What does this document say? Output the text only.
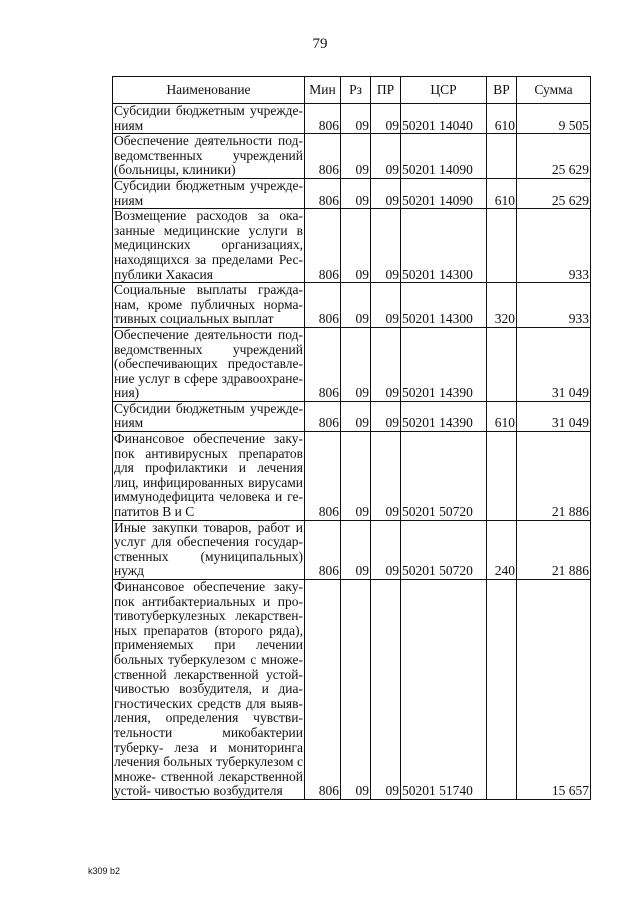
79
Наименование	Мин	Рз	ПР	ЦСР	ВР	Сумма
Субсидии бюджетным учрежде- ниям	806	09	09	50201 14040	610	9 505
Обеспечение деятельности под- ведомственных учреждений (больницы, клиники)	806	09	09	50201 14090		25 629
Субсидии бюджетным учрежде- ниям	806	09	09	50201 14090	610	25 629
Возмещение расходов за ока- занные медицинские услуги в медицинских организациях, находящихся за пределами Рес- публики Хакасия	806	09	09	50201 14300		933
Социальные выплаты гражда- нам, кроме публичных норма- тивных социальных выплат	806	09	09	50201 14300	320	933
Обеспечение деятельности под- ведомственных учреждений (обеспечивающих предоставле- ние услуг в сфере здравоохране- ния)	806	09	09	50201 14390		31 049
Субсидии бюджетным учрежде- ниям	806	09	09	50201 14390	610	31 049
Финансовое обеспечение заку- пок антивирусных препаратов для профилактики и лечения лиц, инфицированных вирусами иммунодефицита человека и ге- патитов В и С	806	09	09	50201 50720		21 886
Иные закупки товаров, работ и услуг для обеспечения государ- ственных (муниципальных) нужд	806	09	09	50201 50720	240	21 886
Финансовое обеспечение заку- пок антибактериальных и про- тивотуберкулезных лекарствен- ных препаратов (второго ряда), применяемых при лечении больных туберкулезом с множе- ственной лекарственной устой- чивостью возбудителя, и диа- гностических средств для выяв- ления, определения чувстви- тельности микобактерии туберку- леза и мониторинга лечения больных туберкулезом с множе- ственной лекарственной устой- чивостью возбудителя	806	09	09	50201 51740		15 657
k309 b2
